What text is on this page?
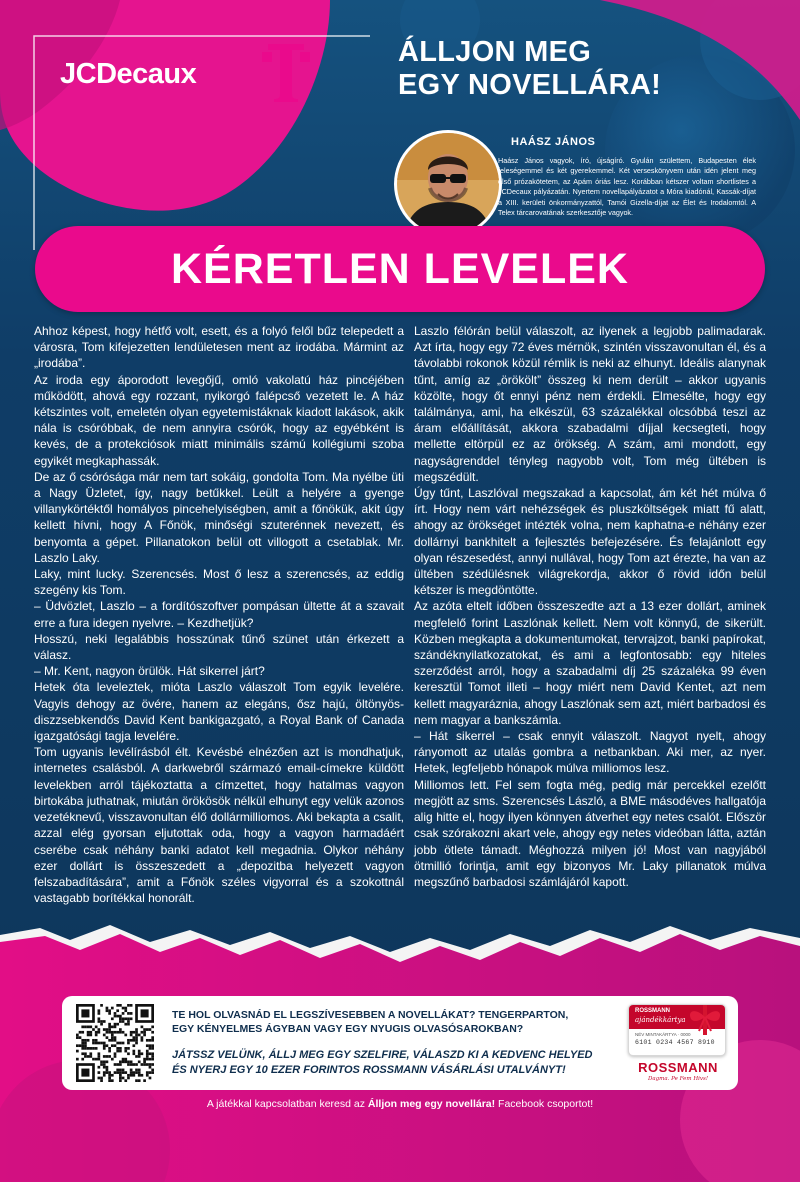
JCDecaux
ÁLLJON MEG
EGY NOVELLÁRA!
HAÁSZ JÁNOS
Haász János vagyok, író, újságíró. Gyulán születtem, Budapesten élek feleségemmel és két gyerekemmel. Két verseskönyvem után idén jelent meg első prózakötetem, az Apám óriás lesz. Korábban kétszer voltam shortlistes a JCDecaux pályázatán. Nyertem novellapályázatot a Móra kiadónál, Kassák-díjat a XIII. kerületi önkormányzattól, Tamói Gizella-díjat az Élet és Irodalomtól. A Telex tárcarovatának szerkesztője vagyok.
KÉRETLEN LEVELEK

Ahhoz képest, hogy hétfő volt, esett, és a folyó felől bűz telepedett a városra, Tom kifejezetten lendületesen ment az irodába. Mármint az „irodába”.

Az iroda egy áporodott levegőjű, omló vakolatú ház pincéjében működött, ahová egy rozzant, nyikorgó falépcső vezetett le. A ház kétszintes volt, emeletén olyan egyetemistáknak kiadott lakások, akik nála is csóróbbak, de nem annyira csórók, hogy az egyébként is kevés, de a protekciósok miatt minimális számú kollégiumi szoba egyikét megkaphassák.

De az ő csórósága már nem tart sokáig, gondolta Tom. Ma nyélbe üti a Nagy Üzletet, így, nagy betűkkel. Leült a helyére a gyenge villanykörtéktől homályos pincehelyiségben, amit a főnökük, akit úgy kellett hívni, hogy A Főnök, minőségi szuterénnek nevezett, és benyomta a gépet. Pillanatokon belül ott villogott a csetablak. Mr. Laszlo Laky.

Laky, mint lucky. Szerencsés. Most ő lesz a szerencsés, az eddig szegény kis Tom.

– Üdvözlet, Laszlo – a fordítószoftver pompásan ültette át a szavait erre a fura idegen nyelvre. – Kezdhetjük?

Hosszú, neki legalábbis hosszúnak tűnő szünet után érkezett a válasz.

– Mr. Kent, nagyon örülök. Hát sikerrel járt?

Hetek óta leveleztek, mióta Laszlo válaszolt Tom egyik levelére. Vagyis dehogy az övére, hanem az elegáns, ősz hajú, öltönyös-diszzsebkendős David Kent bankigazgató, a Royal Bank of Canada igazgatósági tagja levelére.

Tom ugyanis levélírásból élt. Kevésbé elnézően azt is mondhatjuk, internetes csalásból. A darkwebről származó email-címekre küldött levelekben arról tájékoztatta a címzettet, hogy hatalmas vagyon birtokába juthatnak, miután örökösök nélkül elhunyt egy velük azonos vezetéknevű, visszavonultan élő dollármilliomos. Aki bekapta a csalit, azzal elég gyorsan eljutottak oda, hogy a vagyon harmadáért cserébe csak néhány banki adatot kell megadnia. Olykor néhány ezer dollárt is összeszedett a „depozitba helyezett vagyon felszabadítására”, amit a Főnök széles vigyorral és a szokottnál vastagabb borítékkal honorált.

Laszlo félórán belül válaszolt, az ilyenek a legjobb palimadarak. Azt írta, hogy egy 72 éves mérnök, szintén visszavonultan él, és a távolabbi rokonok közül rémlik is neki az elhunyt. Ideális alanynak tűnt, amíg az „örökölt” összeg ki nem derült – akkor ugyanis közölte, hogy őt ennyi pénz nem érdekli. Elmesélte, hogy egy találmánya, ami, ha elkészül, 63 százalékkal olcsóbbá teszi az áram előállítását, akkora szabadalmi díjjal kecsegteti, hogy mellette eltörpül ez az örökség. A szám, ami mondott, egy nagyságrenddel tényleg nagyobb volt, Tom még ültében is megszédült.

Úgy tűnt, Laszlóval megszakad a kapcsolat, ám két hét múlva ő írt. Hogy nem várt nehézségek és pluszköltségek miatt fű alatt, ahogy az örökséget intézték volna, nem kaphatna-e néhány ezer dollárnyi bankhitelt a fejlesztés befejezésére. És felajánlott egy olyan részesedést, annyi nullával, hogy Tom azt érezte, ha van az ültében szédülésnek világrekordja, akkor ő rövid időn belül kétszer is megdöntötte.

Az azóta eltelt időben összeszedte azt a 13 ezer dollárt, aminek megfelelő forint Laszlónak kellett. Nem volt könnyű, de sikerült. Közben megkapta a dokumentumokat, tervrajzot, banki papírokat, szándéknyilatkozatokat, és ami a legfontosabb: egy hiteles szerződést arról, hogy a szabadalmi díj 25 százaléka 99 éven keresztül Tomot illeti – hogy miért nem David Kentet, azt nem kellett magyaráznia, ahogy Laszlónak sem azt, miért barbadosi és nem magyar a bankszámla.

– Hát sikerrel – csak ennyit válaszolt. Nagyot nyelt, ahogy rányomott az utalás gombra a netbankban. Aki mer, az nyer. Hetek, legfeljebb hónapok múlva milliomos lesz.

Milliomos lett. Fel sem fogta még, pedig már percekkel ezelőtt megjött az sms. Szerencsés László, a BME másodéves hallgatója alig hitte el, hogy ilyen könnyen átverhet egy netes csalót. Először csak szórakozni akart vele, ahogy egy netes videóban látta, aztán jobb ötlete támadt. Méghozzá milyen jó! Most van nagyjából ötmillió forintja, amit egy bizonyos Mr. Laky pillanatok múlva megszűnő barbadosi számlájáról kapott.

TE HOL OLVASNÁD EL LEGSZÍVESEBBEN A NOVELLÁKAT? TENGERPARTON,
EGY KÉNYELMES ÁGYBAN VAGY EGY NYUGIS OLVASÓSAROKBAN?
JÁTSSZ VELÜNK, ÁLLJ MEG EGY SZELFIRE, VÁLASZD KI A KEDVENC HELYED
ÉS NYERJ EGY 10 EZER FORINTOS ROSSMANN VÁSÁRLÁSI UTALVÁNYT!
ROSSMANN
ajándékkártya
NÉV MINTAKÁRTYA · 0000
6101 0234 4567 8910
ROSSMANN
Dagma. Pe Fem Hivs!
A játékkal kapcsolatban keresd az Álljon meg egy novellára! Facebook csoportot!
